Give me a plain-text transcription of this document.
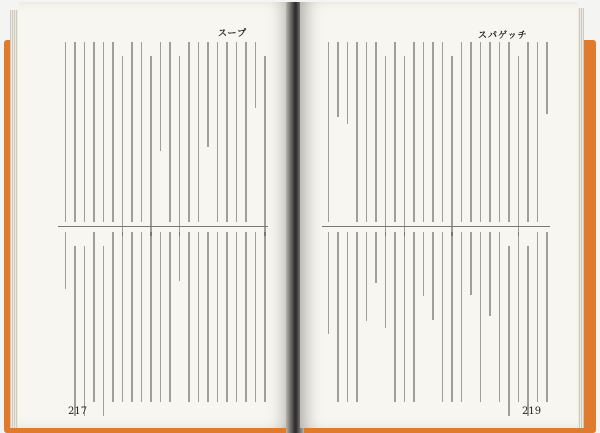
スープ
217
スパゲッチ
219
